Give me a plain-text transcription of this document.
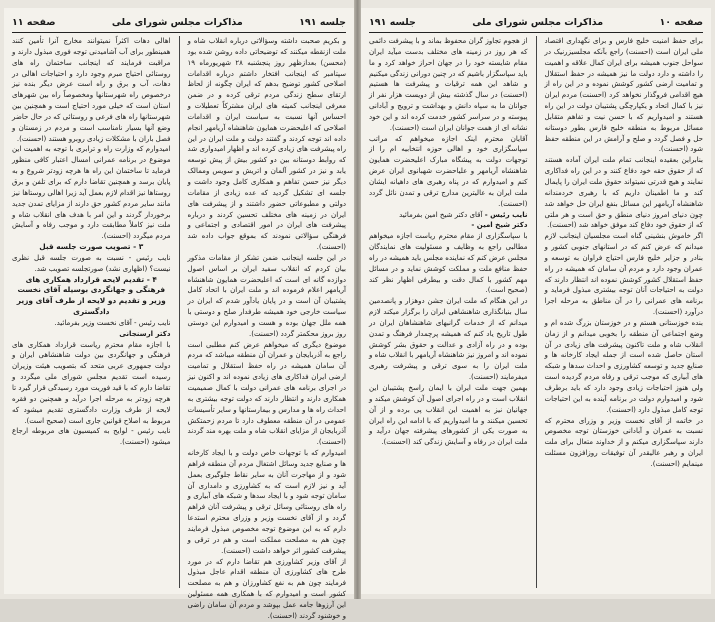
جلسه ۱۹۱
مذاکرات مجلس شورای ملی
صفحه ۱۱

و بکریم صحبت داشته وسؤالاتی درباره انقلاب شاه و ملت ازنقطه میکنند که توضیحاتی داده روشن شده بود (محسن) بعدازظهر روز پنجشنبه ۲۸ شهریورماه ۱۹ سپتامبر که اینجانب افتخار داشتم درباره اقدامات اصلاحی کشور توضیح بدهم که ایران چگونه از لحاظ ارتقای سطح زندگی مردم ترقی کرده و در ضمن معرفی اینجانب کمیته های ایران مشترکاً تعطیلات و احساس آنها نسبت به سیاست ایران و اقدامات اصلاحی که اعلیحضرت همایون شاهنشاه آریامهر انجام داده اند توجه کردند و گفتند دولت و ملت ایران در این راه پیشرفت های زیادی کرده اند و اظهار امیدواری شد که روابط دوستانه بین دو کشور بیش از پیش توسعه یابد و نیز در کشور آلمان و اتریش و سویس وممالک دیگر نیز حسن تفاهم و همکاری کامل وجود داشت و جلسه ای تشکیل گردید که عده زیادی از مقامات دولتی و مطبوعاتی حضور داشتند و از پیشرفت های ایران در زمینه های مختلف تحسین کردند و درباره پیشرفت های ایران در امور اقتصادی و اجتماعی و فرهنگی سؤالاتی نمودند که بموقع جواب داده شد (احسنت).

در این جلسه اینجانب ضمن تشکر از مقامات مذکور بیان کردم که انقلاب سفید ایران بر اساس اصول دوازده گانه ای است که اعلیحضرت همایون شاهنشاه آریامهر اعلام فرموده اند و ملت ایران با اتحاد کامل پشتیبان آن است و در پایان یادآور شدم که ایران در سیاست خارجی خود همیشه طرفدار صلح و دوستی با همه ملل جهان بوده و هست و امیدوارم این دوستی روز بروز محکمتر گردد (احسنت).

موضوع دیگری که میخواهم عرض کنم مطلبی است راجع به آذربایجان و عمران آن منطقه میباشد که مردم آن سامان همیشه در راه حفظ استقلال و تمامیت ارضی ایران فداکاری های زیادی نموده اند و اکنون نیز در اجرای برنامه های عمرانی دولت با کمال صمیمیت همکاری دارند و انتظار دارند که دولت توجه بیشتری به احداث راه ها و مدارس و بیمارستانها و سایر تأسیسات عمومی در آن منطقه معطوف دارد تا مردم زحمتکش آذربایجان از مزایای انقلاب شاه و ملت بهره مند گردند (احسنت).

امیدوارم که با توجهات خاص دولت و با ایجاد کارخانه ها و صنایع جدید وسائل اشتغال مردم آن منطقه فراهم شود و از مهاجرت آنان به سایر نقاط جلوگیری بعمل آید و نیز لازم است که به کشاورزی و دامداری آن سامان توجه شود و با ایجاد سدها و شبکه های آبیاری و راه های روستائی وسائل ترقی و پیشرفت آنان فراهم گردد و از آقای نخست وزیر و وزرای محترم استدعا دارم که به این موضوع توجه مخصوص مبذول فرمایند چون هم به مصلحت مملکت است و هم در ترقی و پیشرفت کشور اثر خواهد داشت (احسنت).

از آقای وزیر کشاورزی هم تقاضا دارم که در مورد طرح های کشاورزی آن منطقه اقدام عاجل مبذول فرمایند چون هم به نفع کشاورزان و هم به مصلحت کشور است و امیدوارم که با همکاری همه مسئولین این آرزوها جامه عمل بپوشد و مردم آن سامان راضی و خوشنود گردند (احسنت).

اهالی دهات اکثراً نمیتوانند مخارج آنرا تأمین کنند همینطور برای آب آشامیدنی توجه فوری مبذول دارند و مراقبت فرمایند که اینجانب ساختمان راه های روستائی احتیاج مبرم وجود دارد و احتیاجات اهالی در دهات، آب و برق و راه است عرض دیگر بنده نیز درخصوص راه شهرستانها ومخصوصاً راه بین شهرهای استان است که خیلی مورد احتیاج است و همچنین بین شهرستانها راه های فرعی و روستائی که در حال حاضر وضع آنها بسیار نامناسب است و مردم در زمستان و فصل باران با مشکلات زیادی روبرو هستند (احسنت).

امیدوارم که وزارت راه و ترابری با توجه به اهمیت این موضوع در برنامه عمرانی امسال اعتبار کافی منظور فرماید تا ساختمان این راه ها هرچه زودتر شروع و به پایان برسد و همچنین تقاضا دارم که برای تلفن و برق روستاها نیز اقدام لازم بعمل آید زیرا اهالی روستاها نیز مانند سایر مردم کشور حق دارند از مزایای تمدن جدید برخوردار گردند و این امر با هدف های انقلاب شاه و ملت نیز کاملاً مطابقت دارد و موجب رفاه و آسایش مردم میگردد (احسنت).

۳ - تصویب صورت جلسه قبل

نایب رئیس - نسبت به صورت جلسه قبل نظری نیست؟ (اظهاری نشد) صورتجلسه تصویب شد.

۴ - تقدیم لایحه قرارداد همکاری های فرهنگی و جهانگردی بوسیله آقای نخست وزیر و تقدیم دو لایحه از طرف آقای وزیر دادگستری

نایب رئیس - آقای نخست وزیر بفرمائید.

دکتر ارسنجانی

با اجازه مقام محترم ریاست قرارداد همکاری های فرهنگی و جهانگردی بین دولت شاهنشاهی ایران و دولت جمهوری عربی متحد که بتصویب هیئت وزیران رسیده است تقدیم مجلس شورای ملی میگردد و تقاضا دارم که با قید فوریت مورد رسیدگی قرار گیرد تا هرچه زودتر به مرحله اجرا درآید و همچنین دو فقره لایحه از طرف وزارت دادگستری تقدیم میشود که مربوط به اصلاح قوانین جاری است (صحیح است).

نایب رئیس - لوایح به کمیسیون های مربوطه ارجاع میشود (احسنت).

صفحه ۱۰
مذاکرات مجلس شورای ملی
جلسه ۱۹۱

برای حفظ امنیت خلیج فارس و برای نگهداری اقتصاد ملی ایران است (احسنت) راجع بآنکه مجلسیزرنیک در سواحل جنوب همیشه برای ایران کمال علاقه و اهمیت را داشته و دارد دولت ما نیز همیشه در حفظ استقلال و تمامیت ارضی کشور کوشش نموده و در این راه از هیچ اقدامی فروگذار نخواهد کرد (احسنت) مردم ایران نیز با کمال اتحاد و یکپارچگی پشتیبان دولت در این راه هستند و امیدواریم که با حسن نیت و تفاهم متقابل مسائل مربوط به منطقه خلیج فارس بطور دوستانه حل و فصل گردد و صلح و آرامش در این منطقه حفظ شود (احسنت).

بنابراین بعقیده اینجانب تمام ملت ایران آماده هستند که از حقوق حقه خود دفاع کنند و در این راه فداکاری نمایند و هیچ قدرتی نمیتواند حقوق ملت ایران را پایمال کند و ما اطمینان داریم که با رهبری خردمندانه شاهنشاه آریامهر این مسائل بنفع ایران حل خواهد شد چون دنیای امروز دنیای منطق و حق است و هر ملتی که از حقوق خود دفاع کند موفق خواهد شد (احسنت).

اگر خاموش بنشینی گناه است مجلسیان اینجانب لازم میدانم که عرض کنم که در استانهای جنوبی کشور و بنادر و جزایر خلیج فارس احتیاج فراوان به توسعه و عمران وجود دارد و مردم آن سامان که همیشه در راه حفظ استقلال کشور کوشش نموده اند انتظار دارند که دولت به احتیاجات آنان توجه بیشتری مبذول فرماید و برنامه های عمرانی را در آن مناطق به مرحله اجرا درآورد (احسنت).

بنده خوزستانی هستم و در خوزستان بزرگ شده ام و وضع اجتماعی آن منطقه را بخوبی میدانم و از زمان انقلاب شاه و ملت تاکنون پیشرفت های زیادی در آن استان حاصل شده است از جمله ایجاد کارخانه ها و صنایع جدید و توسعه کشاورزی و احداث سدها و شبکه های آبیاری که موجب ترقی و رفاه مردم گردیده است ولی هنوز احتیاجات زیادی وجود دارد که باید برطرف شود و امیدوارم دولت در برنامه آینده به این احتیاجات توجه کامل مبذول دارد (احسنت).

در خاتمه از آقای نخست وزیر و وزرای محترم که نسبت به عمران و آبادانی خوزستان توجه مخصوص دارند سپاسگزاری میکنم و از خداوند متعال برای ملت ایران و رهبر عالیقدر آن توفیقات روزافزون مسئلت مینمایم (احسنت).

از هجوم تجاوز گران محفوظ بماند و با پیشرفت دائمی که هر روز در زمینه های مختلف بدست میآید ایران مقام شایسته خود را در جهان احراز خواهد کرد و ما باید سپاسگزار باشیم که در چنین دورانی زندگی میکنیم و شاهد این همه ترقیات و پیشرفت ها هستیم (احسنت) در سال گذشته بیش از دویست هزار نفر از جوانان ما به سپاه دانش و بهداشت و ترویج و آبادانی پیوسته و در سراسر کشور خدمت کرده اند و این خود نشانه ای از همت جوانان ایران است (احسنت).

آقایان محترم اینک اجازه میخواهم که مراتب سپاسگزاری خود و اهالی حوزه انتخابیه ام را از توجهات دولت به پیشگاه مبارک اعلیحضرت همایون شاهنشاه آریامهر و علیاحضرت شهبانوی ایران عرض کنم و امیدوارم که در پناه رهبری های داهیانه ایشان ملت ایران به عالیترین مدارج ترقی و تمدن نائل گردد (احسنت).

نایب رئیس - آقای دکتر شیخ امین بفرمائید

دکتر شیخ امین -

با سپاسگزاری از مقام محترم ریاست اجازه میخواهم مطالبی راجع به وظایف و مسئولیت های نمایندگان مجلس عرض کنم که نماینده مجلس باید همیشه در راه حفظ منافع ملت و مملکت کوشش نماید و در مسائل مهم کشور با کمال دقت و بیطرفی اظهار نظر کند (صحیح است).

در این هنگام که ملت ایران جشن دوهزار و پانصدمین سال بنیانگذاری شاهنشاهی ایران را برگزار میکند لازم میدانم که از خدمات گرانبهای شاهنشاهان ایران در طول تاریخ یاد کنم که همیشه پرچمدار فرهنگ و تمدن بوده و در راه آزادی و عدالت و حقوق بشر کوشش نموده اند و امروز نیز شاهنشاه آریامهر با انقلاب شاه و ملت ایران را به سوی ترقی و پیشرفت رهبری میفرمایند (احسنت).

بهمین جهت ملت ایران با ایمان راسخ پشتیبان این انقلاب است و در راه اجرای اصول آن کوشش میکند و جهانیان نیز به اهمیت این انقلاب پی برده و از آن تحسین میکنند و ما امیدواریم که با ادامه این راه ایران به صورت یکی از کشورهای پیشرفته جهان درآید و ملت ایران در رفاه و آسایش زندگی کند (احسنت).
